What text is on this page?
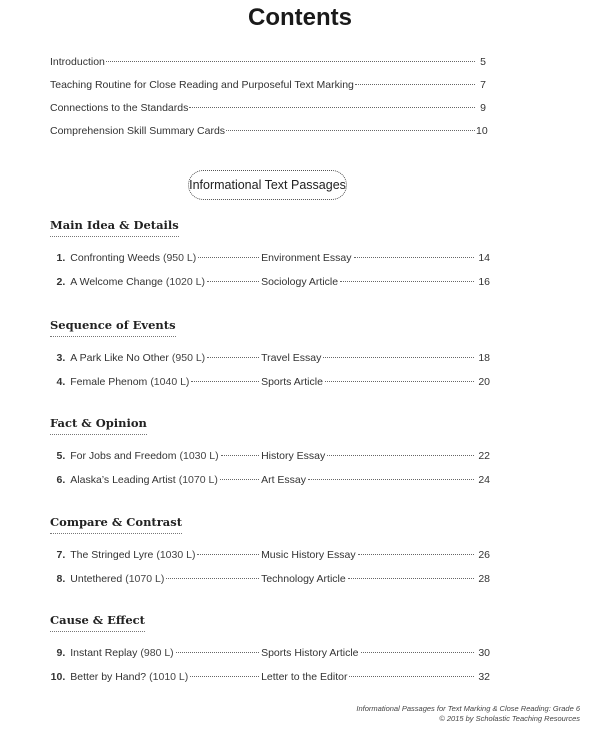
Contents
Introduction	5
Teaching Routine for Close Reading and Purposeful Text Marking	7
Connections to the Standards	9
Comprehension Skill Summary Cards	10
Informational Text Passages
Main Idea & Details
1. Confronting Weeds (950 L)	Environment Essay	14
2. A Welcome Change (1020 L)	Sociology Article	16
Sequence of Events
3. A Park Like No Other (950 L)	Travel Essay	18
4. Female Phenom (1040 L)	Sports Article	20
Fact & Opinion
5. For Jobs and Freedom (1030 L)	History Essay	22
6. Alaska’s Leading Artist (1070 L)	Art Essay	24
Compare & Contrast
7. The Stringed Lyre (1030 L)	Music History Essay	26
8. Untethered (1070 L)	Technology Article	28
Cause & Effect
9. Instant Replay (980 L)	Sports History Article	30
10. Better by Hand? (1010 L)	Letter to the Editor	32
Informational Passages for Text Marking & Close Reading: Grade 6
© 2015 by Scholastic Teaching Resources
